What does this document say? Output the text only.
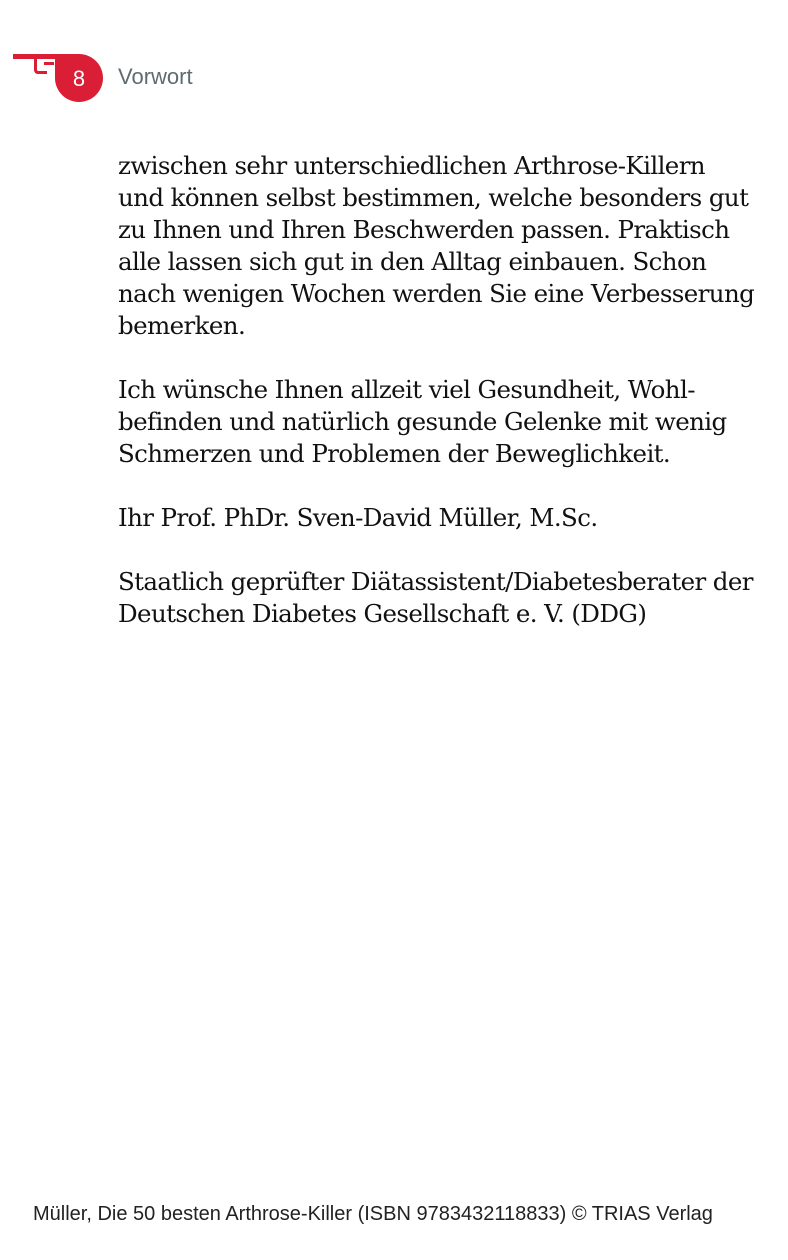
8	Vorwort
zwischen sehr unterschiedlichen Arthrose-Killern
und können selbst bestimmen, welche besonders gut
zu Ihnen und Ihren Beschwerden passen. Praktisch
alle lassen sich gut in den Alltag einbauen. Schon
nach wenigen Wochen werden Sie eine Verbesserung
bemerken.
Ich wünsche Ihnen allzeit viel Gesundheit, Wohl-
befinden und natürlich gesunde Gelenke mit wenig
Schmerzen und Problemen der Beweglichkeit.
Ihr Prof. PhDr. Sven-David Müller, M.Sc.
Staatlich geprüfter Diätassistent/Diabetesberater der
Deutschen Diabetes Gesellschaft e. V. (DDG)
Müller, Die 50 besten Arthrose-Killer (ISBN 9783432118833) © TRIAS Verlag
